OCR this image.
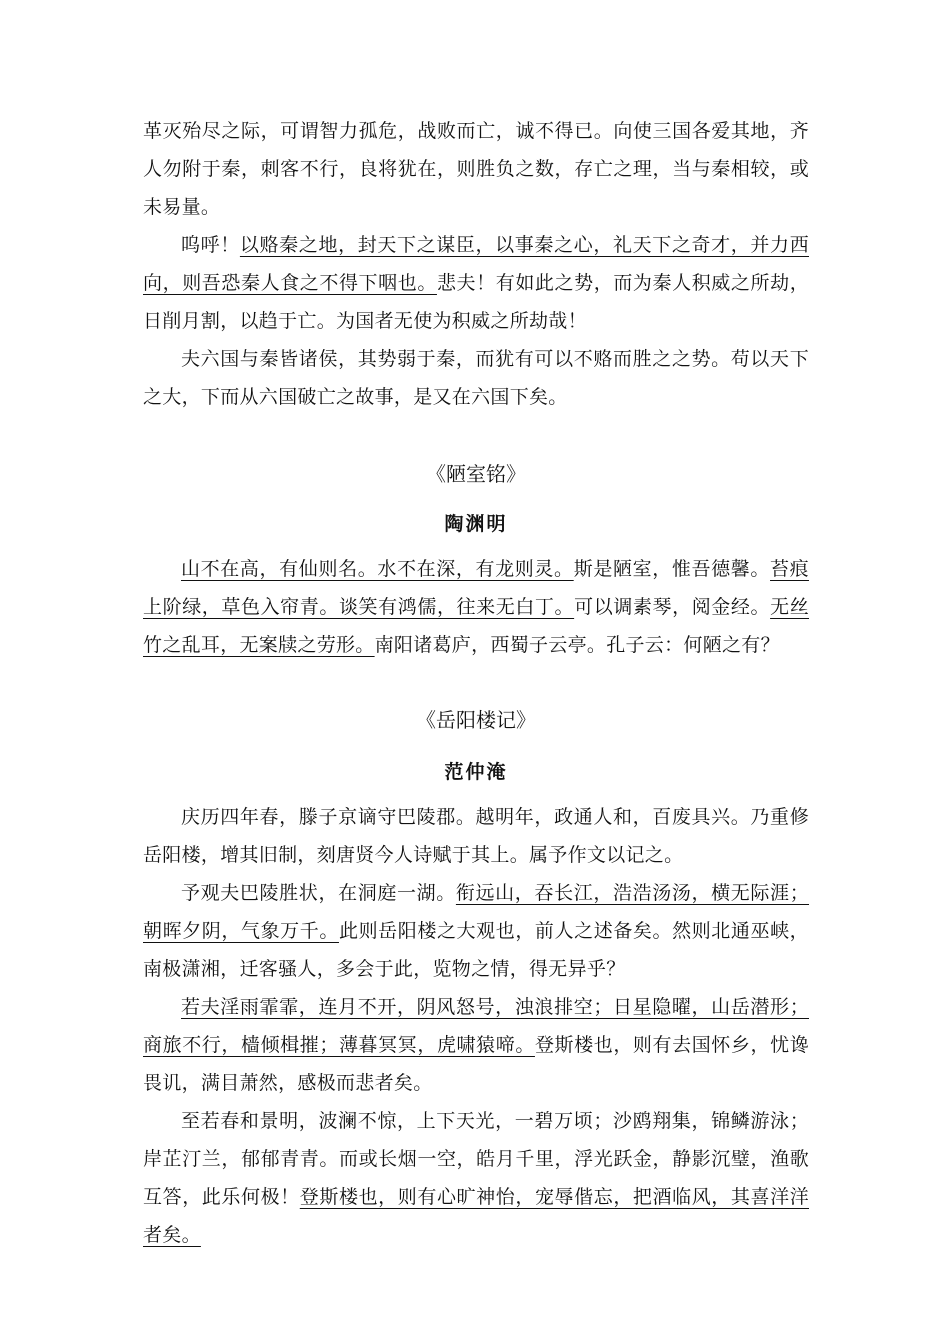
革灭殆尽之际，可谓智力孤危，战败而亡，诚不得已。向使三国各爱其地，齐人勿附于秦，刺客不行，良将犹在，则胜负之数，存亡之理，当与秦相较，或未易量。

呜呼！以赂秦之地，封天下之谋臣，以事秦之心，礼天下之奇才，并力西向，则吾恐秦人食之不得下咽也。悲夫！有如此之势，而为秦人积威之所劫，日削月割，以趋于亡。为国者无使为积威之所劫哉！

夫六国与秦皆诸侯，其势弱于秦，而犹有可以不赂而胜之之势。苟以天下之大，下而从六国破亡之故事，是又在六国下矣。

《陋室铭》

陶渊明

山不在高，有仙则名。水不在深，有龙则灵。斯是陋室，惟吾德馨。苔痕上阶绿，草色入帘青。谈笑有鸿儒，往来无白丁。可以调素琴，阅金经。无丝竹之乱耳，无案牍之劳形。南阳诸葛庐，西蜀子云亭。孔子云：何陋之有？

《岳阳楼记》

范仲淹

庆历四年春，滕子京谪守巴陵郡。越明年，政通人和，百废具兴。乃重修岳阳楼，增其旧制，刻唐贤今人诗赋于其上。属予作文以记之。

予观夫巴陵胜状，在洞庭一湖。衔远山，吞长江，浩浩汤汤，横无际涯；朝晖夕阴，气象万千。此则岳阳楼之大观也，前人之述备矣。然则北通巫峡，南极潇湘，迁客骚人，多会于此，览物之情，得无异乎？

若夫淫雨霏霏，连月不开，阴风怒号，浊浪排空；日星隐曜，山岳潜形；商旅不行，樯倾楫摧；薄暮冥冥，虎啸猿啼。登斯楼也，则有去国怀乡，忧谗畏讥，满目萧然，感极而悲者矣。

至若春和景明，波澜不惊，上下天光，一碧万顷；沙鸥翔集，锦鳞游泳；岸芷汀兰，郁郁青青。而或长烟一空，皓月千里，浮光跃金，静影沉璧，渔歌互答，此乐何极！登斯楼也，则有心旷神怡，宠辱偕忘，把酒临风，其喜洋洋者矣。
